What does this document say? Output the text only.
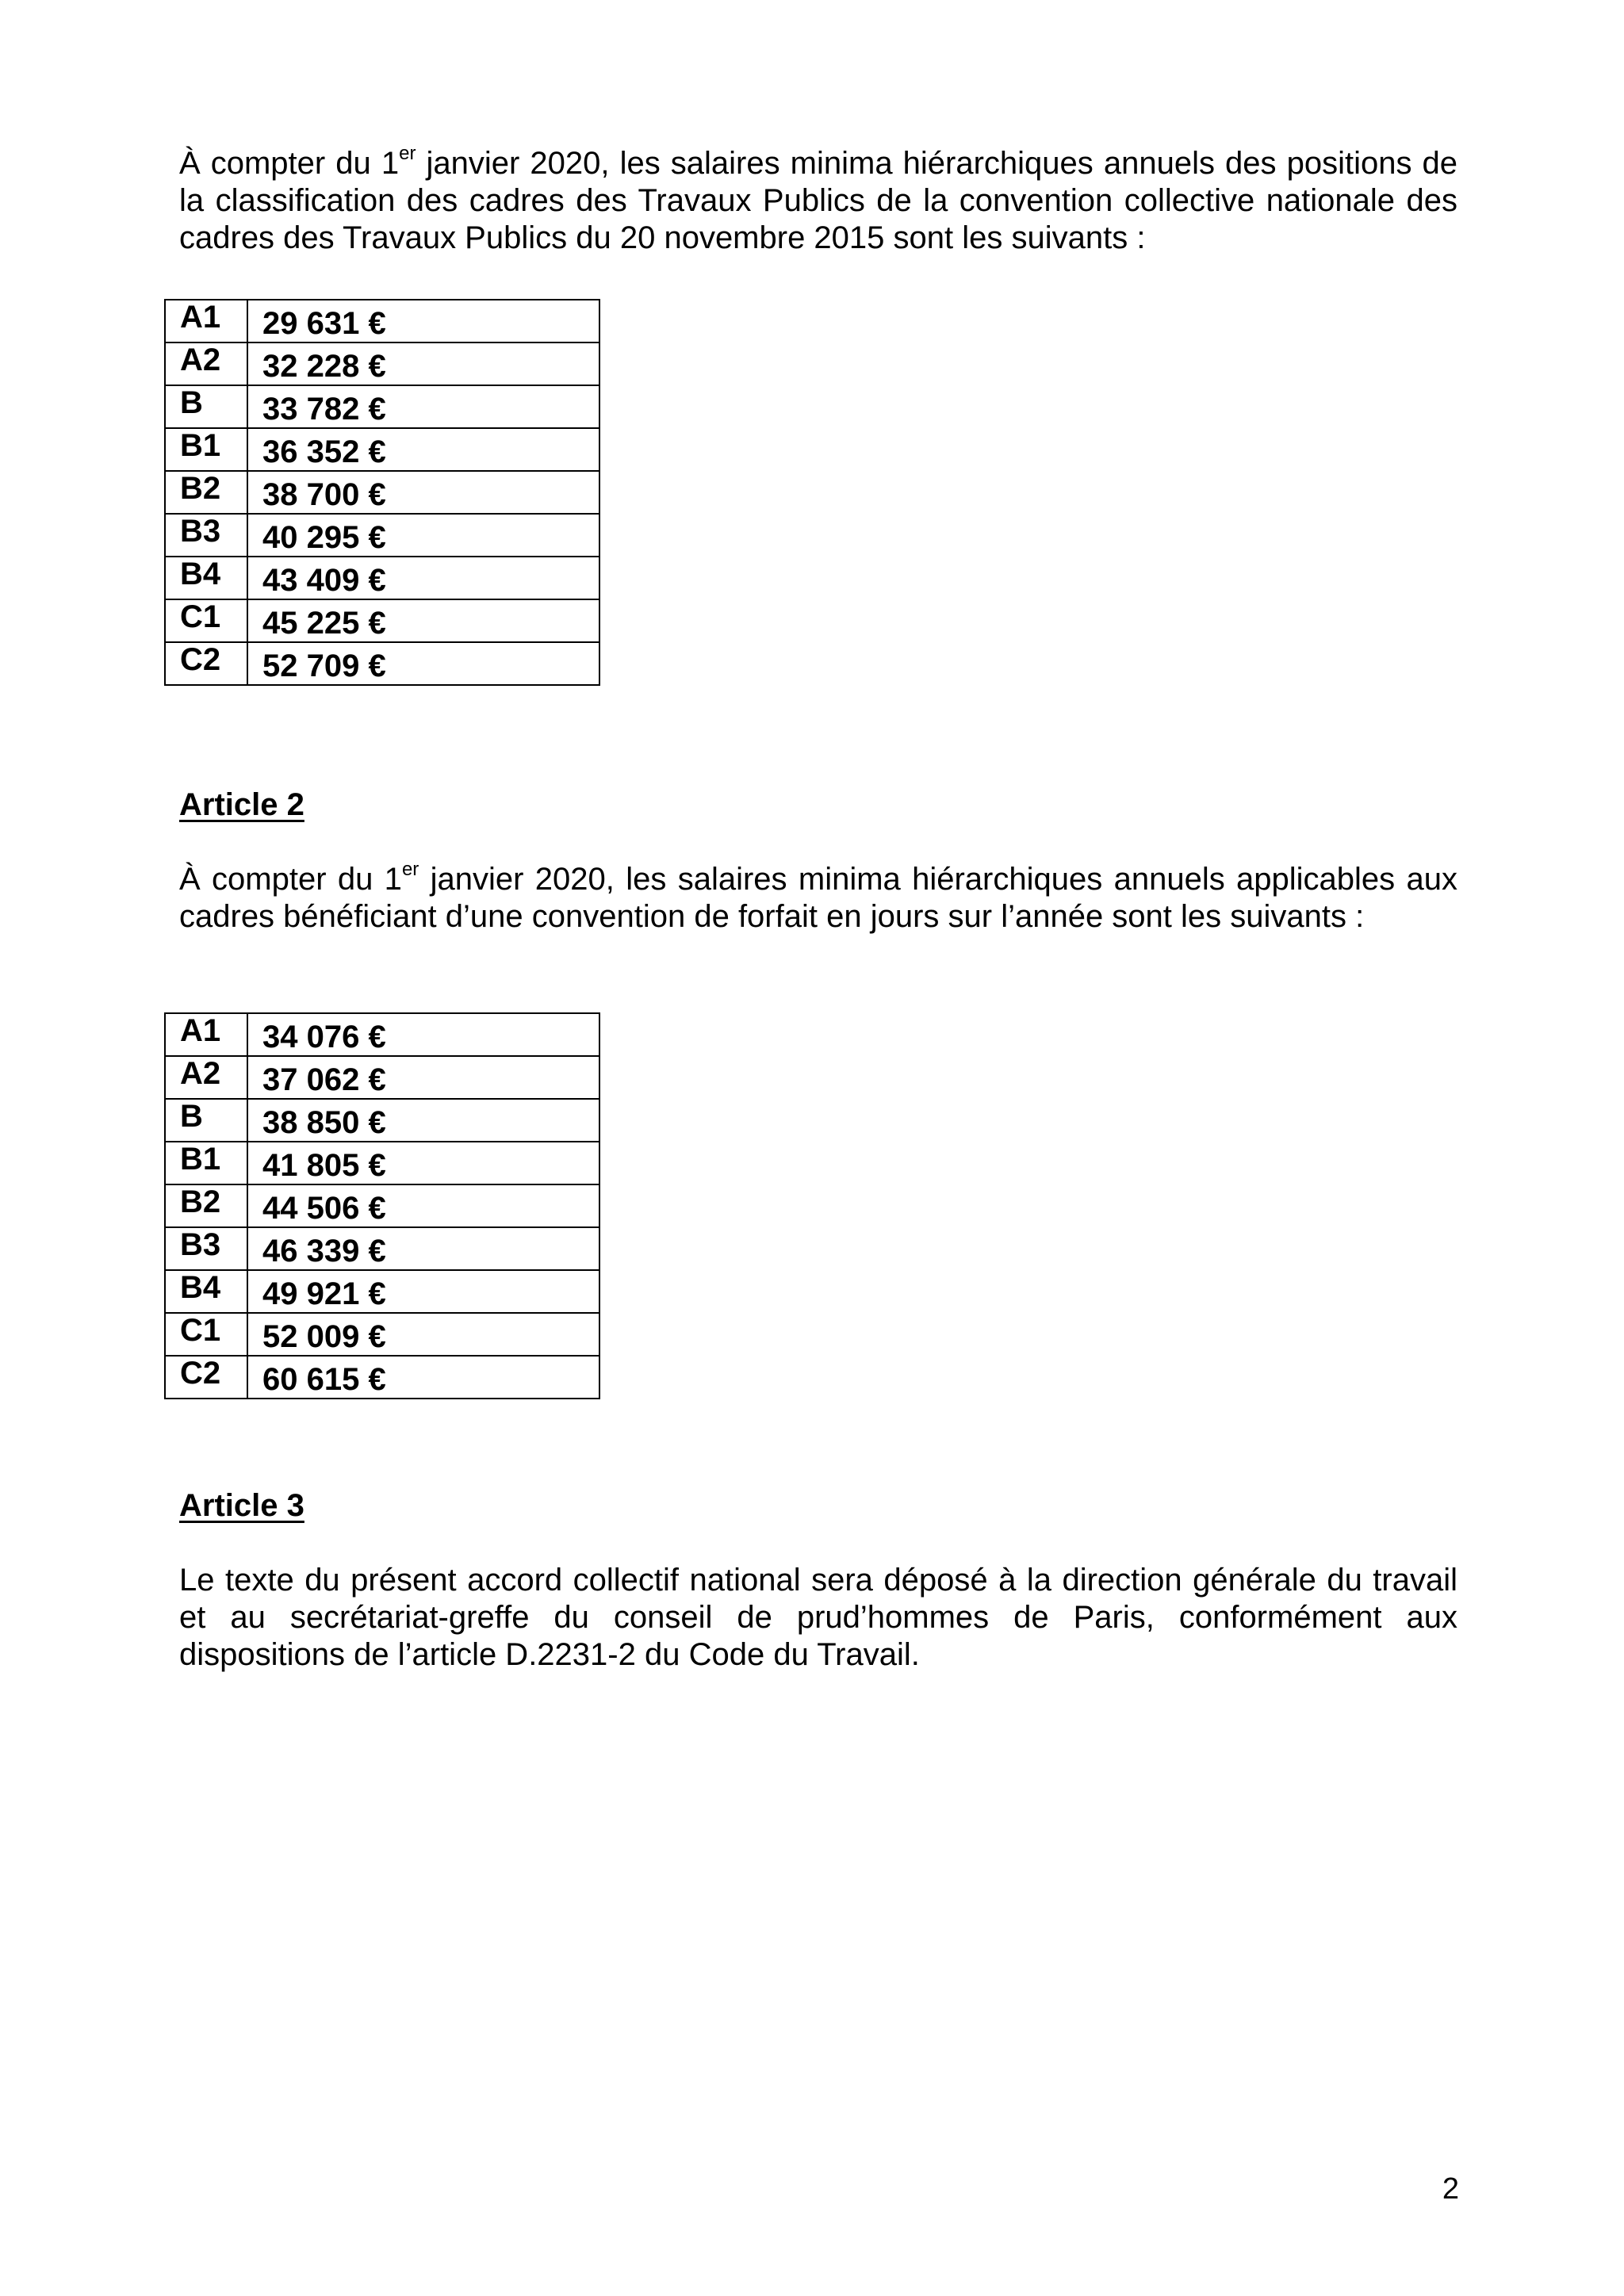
À compter du 1er janvier 2020, les salaires minima hiérarchiques annuels des positions de la classification des cadres des Travaux Publics de la convention collective nationale des cadres des Travaux Publics du 20 novembre 2015 sont les suivants :

A1	29 631 €
A2	32 228 €
B	33 782 €
B1	36 352 €
B2	38 700 €
B3	40 295 €
B4	43 409 €
C1	45 225 €
C2	52 709 €

Article 2

À compter du 1er janvier 2020, les salaires minima hiérarchiques annuels applicables aux cadres bénéficiant d’une convention de forfait en jours sur l’année sont les suivants :

A1	34 076 €
A2	37 062 €
B	38 850 €
B1	41 805 €
B2	44 506 €
B3	46 339 €
B4	49 921 €
C1	52 009 €
C2	60 615 €

Article 3

Le texte du présent accord collectif national sera déposé à la direction générale du travail et au secrétariat-greffe du conseil de prud’hommes de Paris, conformément aux dispositions de l’article D.2231-2 du Code du Travail.

2
